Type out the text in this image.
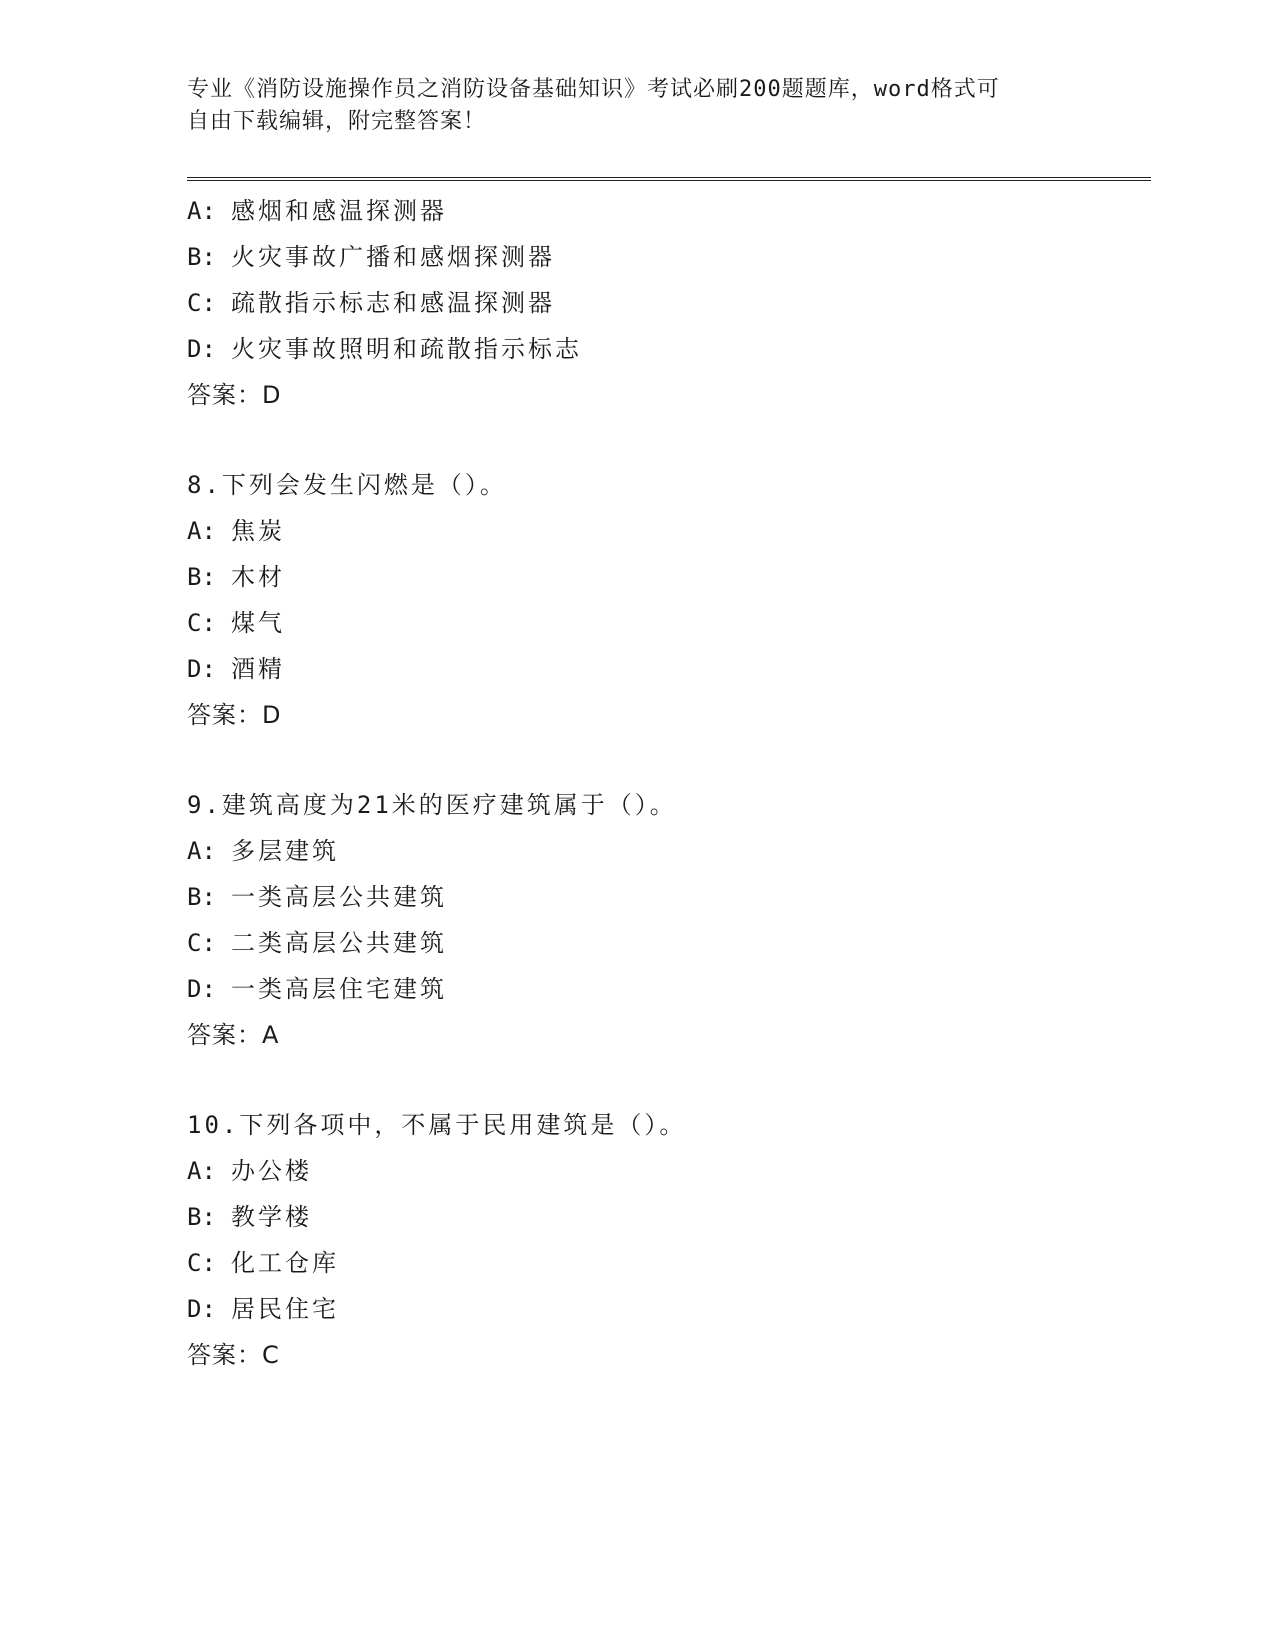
专业《消防设施操作员之消防设备基础知识》考试必刷200题题库，word格式可
自由下载编辑，附完整答案！
A: 感烟和感温探测器
B: 火灾事故广播和感烟探测器
C: 疏散指示标志和感温探测器
D: 火灾事故照明和疏散指示标志
答案：D
8.下列会发生闪燃是（）。
A: 焦炭
B: 木材
C: 煤气
D: 酒精
答案：D
9.建筑高度为21米的医疗建筑属于（）。
A: 多层建筑
B: 一类高层公共建筑
C: 二类高层公共建筑
D: 一类高层住宅建筑
答案：A
10.下列各项中，不属于民用建筑是（）。
A: 办公楼
B: 教学楼
C: 化工仓库
D: 居民住宅
答案：C
